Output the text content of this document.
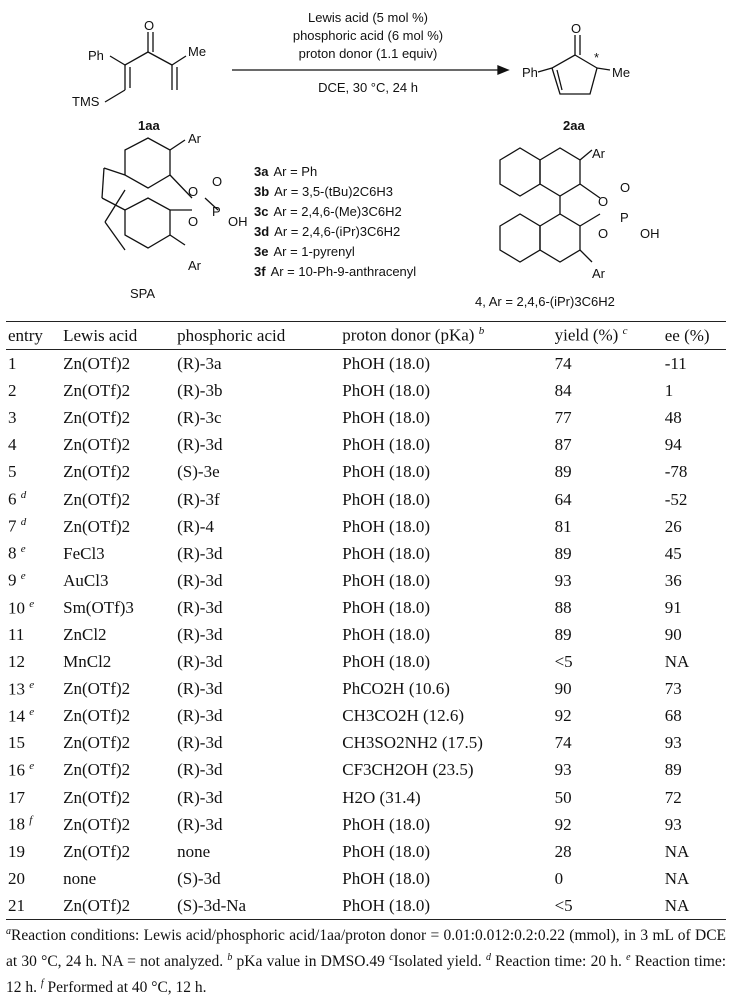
O
Ph	Me
TMS
1aa
Lewis acid (5 mol %)
phosphoric acid (6 mol %)
proton donor (1.1 equiv)
DCE, 30 °C, 24 h
O
Ph	Me
*
2aa
Ar
O
P
O
O OH
Ar
SPA
3a Ar = Ph
3b Ar = 3,5-(tBu)2C6H3
3c Ar = 2,4,6-(Me)3C6H2
3d Ar = 2,4,6-(iPr)3C6H2
3e Ar = 1-pyrenyl
3f Ar = 10-Ph-9-anthracenyl
Ar
O
P
O
O OH
Ar
4, Ar = 2,4,6-(iPr)3C6H2
entry	Lewis acid	phosphoric acid	proton donor (pKa) $^b$	yield (%) $^c$	ee (%)
1	Zn(OTf)2	(R)-3a	PhOH (18.0)	74	-11
2	Zn(OTf)2	(R)-3b	PhOH (18.0)	84	1
3	Zn(OTf)2	(R)-3c	PhOH (18.0)	77	48
4	Zn(OTf)2	(R)-3d	PhOH (18.0)	87	94
5	Zn(OTf)2	(S)-3e	PhOH (18.0)	89	-78
6 $^d$	Zn(OTf)2	(R)-3f	PhOH (18.0)	64	-52
7 $^d$	Zn(OTf)2	(R)-4	PhOH (18.0)	81	26
8 $^e$	FeCl3	(R)-3d	PhOH (18.0)	89	45
9 $^e$	AuCl3	(R)-3d	PhOH (18.0)	93	36
10 $^e$	Sm(OTf)3	(R)-3d	PhOH (18.0)	88	91
11	ZnCl2	(R)-3d	PhOH (18.0)	89	90
12	MnCl2	(R)-3d	PhOH (18.0)	<5	NA
13 $^e$	Zn(OTf)2	(R)-3d	PhCO2H (10.6)	90	73
14 $^e$	Zn(OTf)2	(R)-3d	CH3CO2H (12.6)	92	68
15	Zn(OTf)2	(R)-3d	CH3SO2NH2 (17.5)	74	93
16 $^e$	Zn(OTf)2	(R)-3d	CF3CH2OH (23.5)	93	89
17	Zn(OTf)2	(R)-3d	H2O (31.4)	50	72
18 $^f$	Zn(OTf)2	(R)-3d	PhOH (18.0)	92	93
19	Zn(OTf)2	none	PhOH (18.0)	28	NA
20	none	(S)-3d	PhOH (18.0)	0	NA
21	Zn(OTf)2	(S)-3d-Na	PhOH (18.0)	<5	NA
$^a$Reaction conditions: Lewis acid/phosphoric acid/1aa/proton donor = 0.01:0.012:0.2:0.22 (mmol), in 3 mL of DCE at 30 °C, 24 h. NA = not analyzed. $^b$ pKa value in DMSO.49 $^c$Isolated yield. $^d$ Reaction time: 20 h. $^e$ Reaction time: 12 h. $^f$ Performed at 40 °C, 12 h.
